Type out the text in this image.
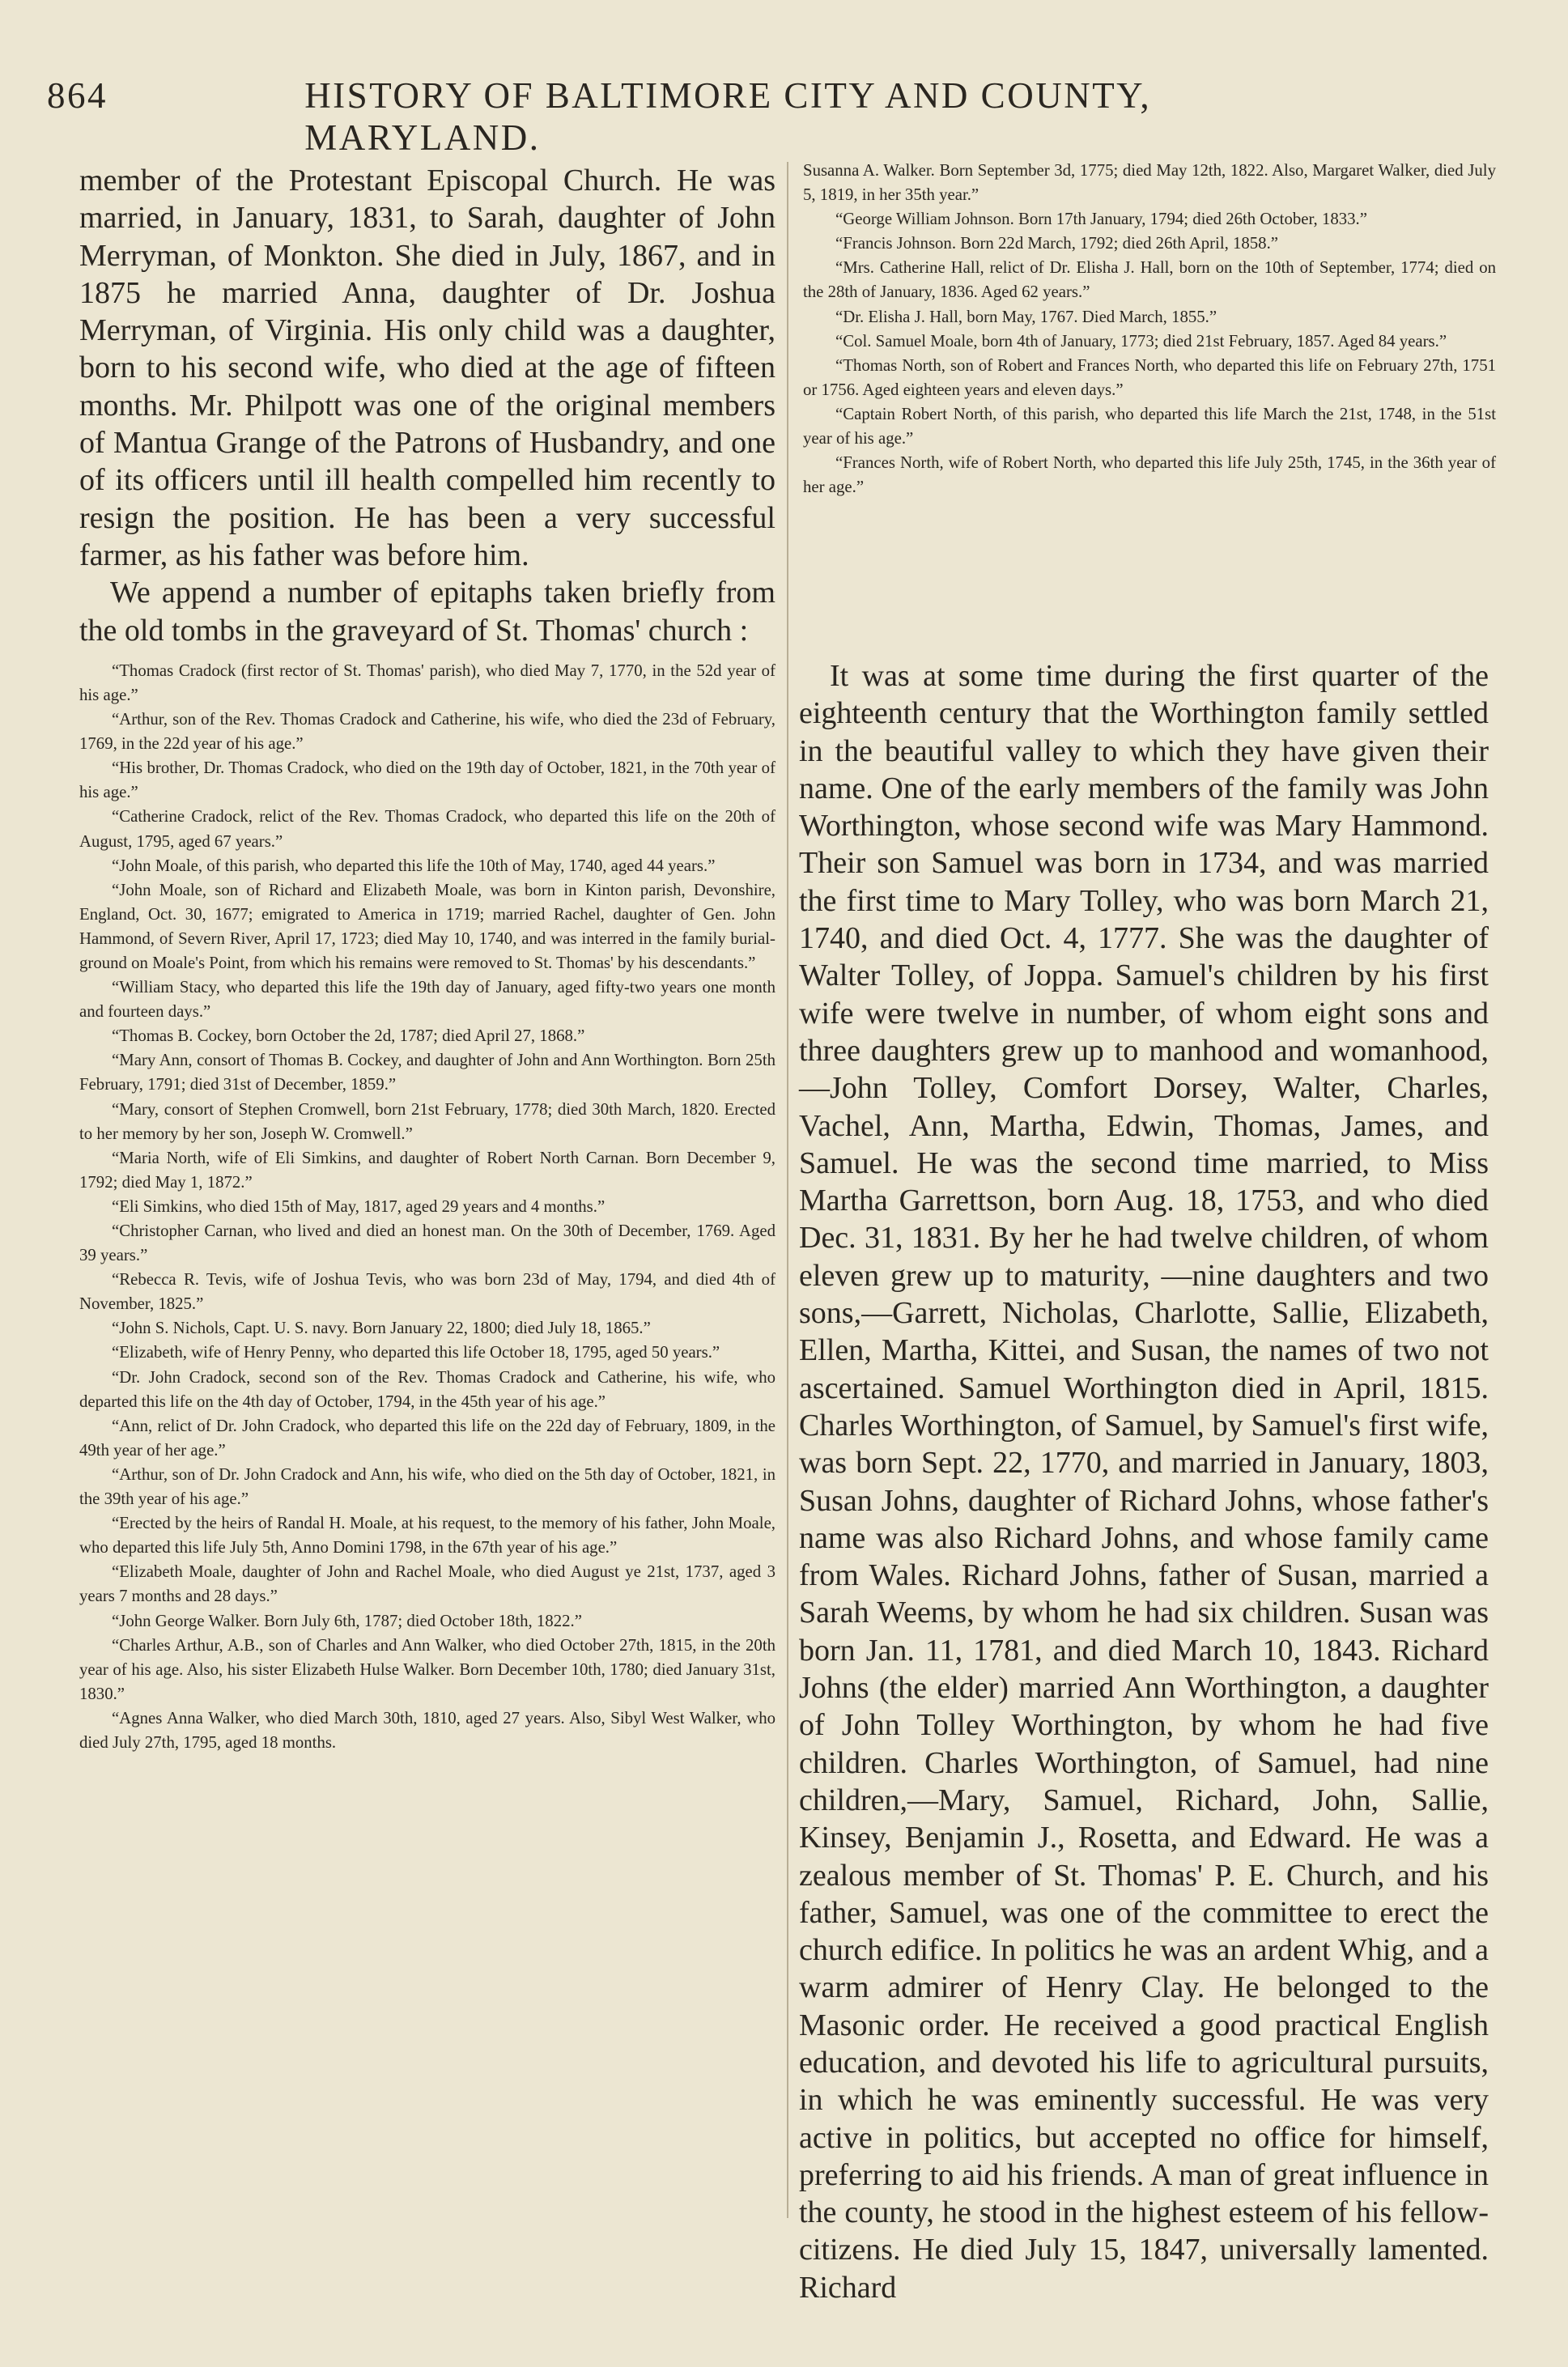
864	HISTORY OF BALTIMORE CITY AND COUNTY, MARYLAND.

member of the Protestant Episcopal Church. He was married, in January, 1831, to Sarah, daughter of John Merryman, of Monkton. She died in July, 1867, and in 1875 he married Anna, daughter of Dr. Joshua Merryman, of Virginia. His only child was a daughter, born to his second wife, who died at the age of fifteen months. Mr. Philpott was one of the original members of Mantua Grange of the Patrons of Husbandry, and one of its officers until ill health compelled him recently to resign the position. He has been a very successful farmer, as his father was before him.

We append a number of epitaphs taken briefly from the old tombs in the graveyard of St. Thomas' church :

“Thomas Cradock (first rector of St. Thomas' parish), who died May 7, 1770, in the 52d year of his age.”

“Arthur, son of the Rev. Thomas Cradock and Catherine, his wife, who died the 23d of February, 1769, in the 22d year of his age.”

“His brother, Dr. Thomas Cradock, who died on the 19th day of October, 1821, in the 70th year of his age.”

“Catherine Cradock, relict of the Rev. Thomas Cradock, who departed this life on the 20th of August, 1795, aged 67 years.”

“John Moale, of this parish, who departed this life the 10th of May, 1740, aged 44 years.”

“John Moale, son of Richard and Elizabeth Moale, was born in Kinton parish, Devonshire, England, Oct. 30, 1677; emigrated to America in 1719; married Rachel, daughter of Gen. John Hammond, of Severn River, April 17, 1723; died May 10, 1740, and was interred in the family burial-ground on Moale's Point, from which his remains were removed to St. Thomas' by his descendants.”

“William Stacy, who departed this life the 19th day of January, aged fifty-two years one month and fourteen days.”

“Thomas B. Cockey, born October the 2d, 1787; died April 27, 1868.”

“Mary Ann, consort of Thomas B. Cockey, and daughter of John and Ann Worthington. Born 25th February, 1791; died 31st of December, 1859.”

“Mary, consort of Stephen Cromwell, born 21st February, 1778; died 30th March, 1820. Erected to her memory by her son, Joseph W. Cromwell.”

“Maria North, wife of Eli Simkins, and daughter of Robert North Carnan. Born December 9, 1792; died May 1, 1872.”

“Eli Simkins, who died 15th of May, 1817, aged 29 years and 4 months.”

“Christopher Carnan, who lived and died an honest man. On the 30th of December, 1769. Aged 39 years.”

“Rebecca R. Tevis, wife of Joshua Tevis, who was born 23d of May, 1794, and died 4th of November, 1825.”

“John S. Nichols, Capt. U. S. navy. Born January 22, 1800; died July 18, 1865.”

“Elizabeth, wife of Henry Penny, who departed this life October 18, 1795, aged 50 years.”

“Dr. John Cradock, second son of the Rev. Thomas Cradock and Catherine, his wife, who departed this life on the 4th day of October, 1794, in the 45th year of his age.”

“Ann, relict of Dr. John Cradock, who departed this life on the 22d day of February, 1809, in the 49th year of her age.”

“Arthur, son of Dr. John Cradock and Ann, his wife, who died on the 5th day of October, 1821, in the 39th year of his age.”

“Erected by the heirs of Randal H. Moale, at his request, to the memory of his father, John Moale, who departed this life July 5th, Anno Domini 1798, in the 67th year of his age.”

“Elizabeth Moale, daughter of John and Rachel Moale, who died August ye 21st, 1737, aged 3 years 7 months and 28 days.”

“John George Walker. Born July 6th, 1787; died October 18th, 1822.”

“Charles Arthur, A.B., son of Charles and Ann Walker, who died October 27th, 1815, in the 20th year of his age. Also, his sister Elizabeth Hulse Walker. Born December 10th, 1780; died January 31st, 1830.”

“Agnes Anna Walker, who died March 30th, 1810, aged 27 years. Also, Sibyl West Walker, who died July 27th, 1795, aged 18 months.

Susanna A. Walker. Born September 3d, 1775; died May 12th, 1822. Also, Margaret Walker, died July 5, 1819, in her 35th year.”

“George William Johnson. Born 17th January, 1794; died 26th October, 1833.”

“Francis Johnson. Born 22d March, 1792; died 26th April, 1858.”

“Mrs. Catherine Hall, relict of Dr. Elisha J. Hall, born on the 10th of September, 1774; died on the 28th of January, 1836. Aged 62 years.”

“Dr. Elisha J. Hall, born May, 1767. Died March, 1855.”

“Col. Samuel Moale, born 4th of January, 1773; died 21st February, 1857. Aged 84 years.”

“Thomas North, son of Robert and Frances North, who departed this life on February 27th, 1751 or 1756. Aged eighteen years and eleven days.”

“Captain Robert North, of this parish, who departed this life March the 21st, 1748, in the 51st year of his age.”

“Frances North, wife of Robert North, who departed this life July 25th, 1745, in the 36th year of her age.”

It was at some time during the first quarter of the eighteenth century that the Worthington family settled in the beautiful valley to which they have given their name. One of the early members of the family was John Worthington, whose second wife was Mary Hammond. Their son Samuel was born in 1734, and was married the first time to Mary Tolley, who was born March 21, 1740, and died Oct. 4, 1777. She was the daughter of Walter Tolley, of Joppa. Samuel's children by his first wife were twelve in number, of whom eight sons and three daughters grew up to manhood and womanhood,—John Tolley, Comfort Dorsey, Walter, Charles, Vachel, Ann, Martha, Edwin, Thomas, James, and Samuel. He was the second time married, to Miss Martha Garrettson, born Aug. 18, 1753, and who died Dec. 31, 1831. By her he had twelve children, of whom eleven grew up to maturity, —nine daughters and two sons,—Garrett, Nicholas, Charlotte, Sallie, Elizabeth, Ellen, Martha, Kittei, and Susan, the names of two not ascertained. Samuel Worthington died in April, 1815. Charles Worthington, of Samuel, by Samuel's first wife, was born Sept. 22, 1770, and married in January, 1803, Susan Johns, daughter of Richard Johns, whose father's name was also Richard Johns, and whose family came from Wales. Richard Johns, father of Susan, married a Sarah Weems, by whom he had six children. Susan was born Jan. 11, 1781, and died March 10, 1843. Richard Johns (the elder) married Ann Worthington, a daughter of John Tolley Worthington, by whom he had five children. Charles Worthington, of Samuel, had nine children,—Mary, Samuel, Richard, John, Sallie, Kinsey, Benjamin J., Rosetta, and Edward. He was a zealous member of St. Thomas' P. E. Church, and his father, Samuel, was one of the committee to erect the church edifice. In politics he was an ardent Whig, and a warm admirer of Henry Clay. He belonged to the Masonic order. He received a good practical English education, and devoted his life to agricultural pursuits, in which he was eminently successful. He was very active in politics, but accepted no office for himself, preferring to aid his friends. A man of great influence in the county, he stood in the highest esteem of his fellow-citizens. He died July 15, 1847, universally lamented. Richard
